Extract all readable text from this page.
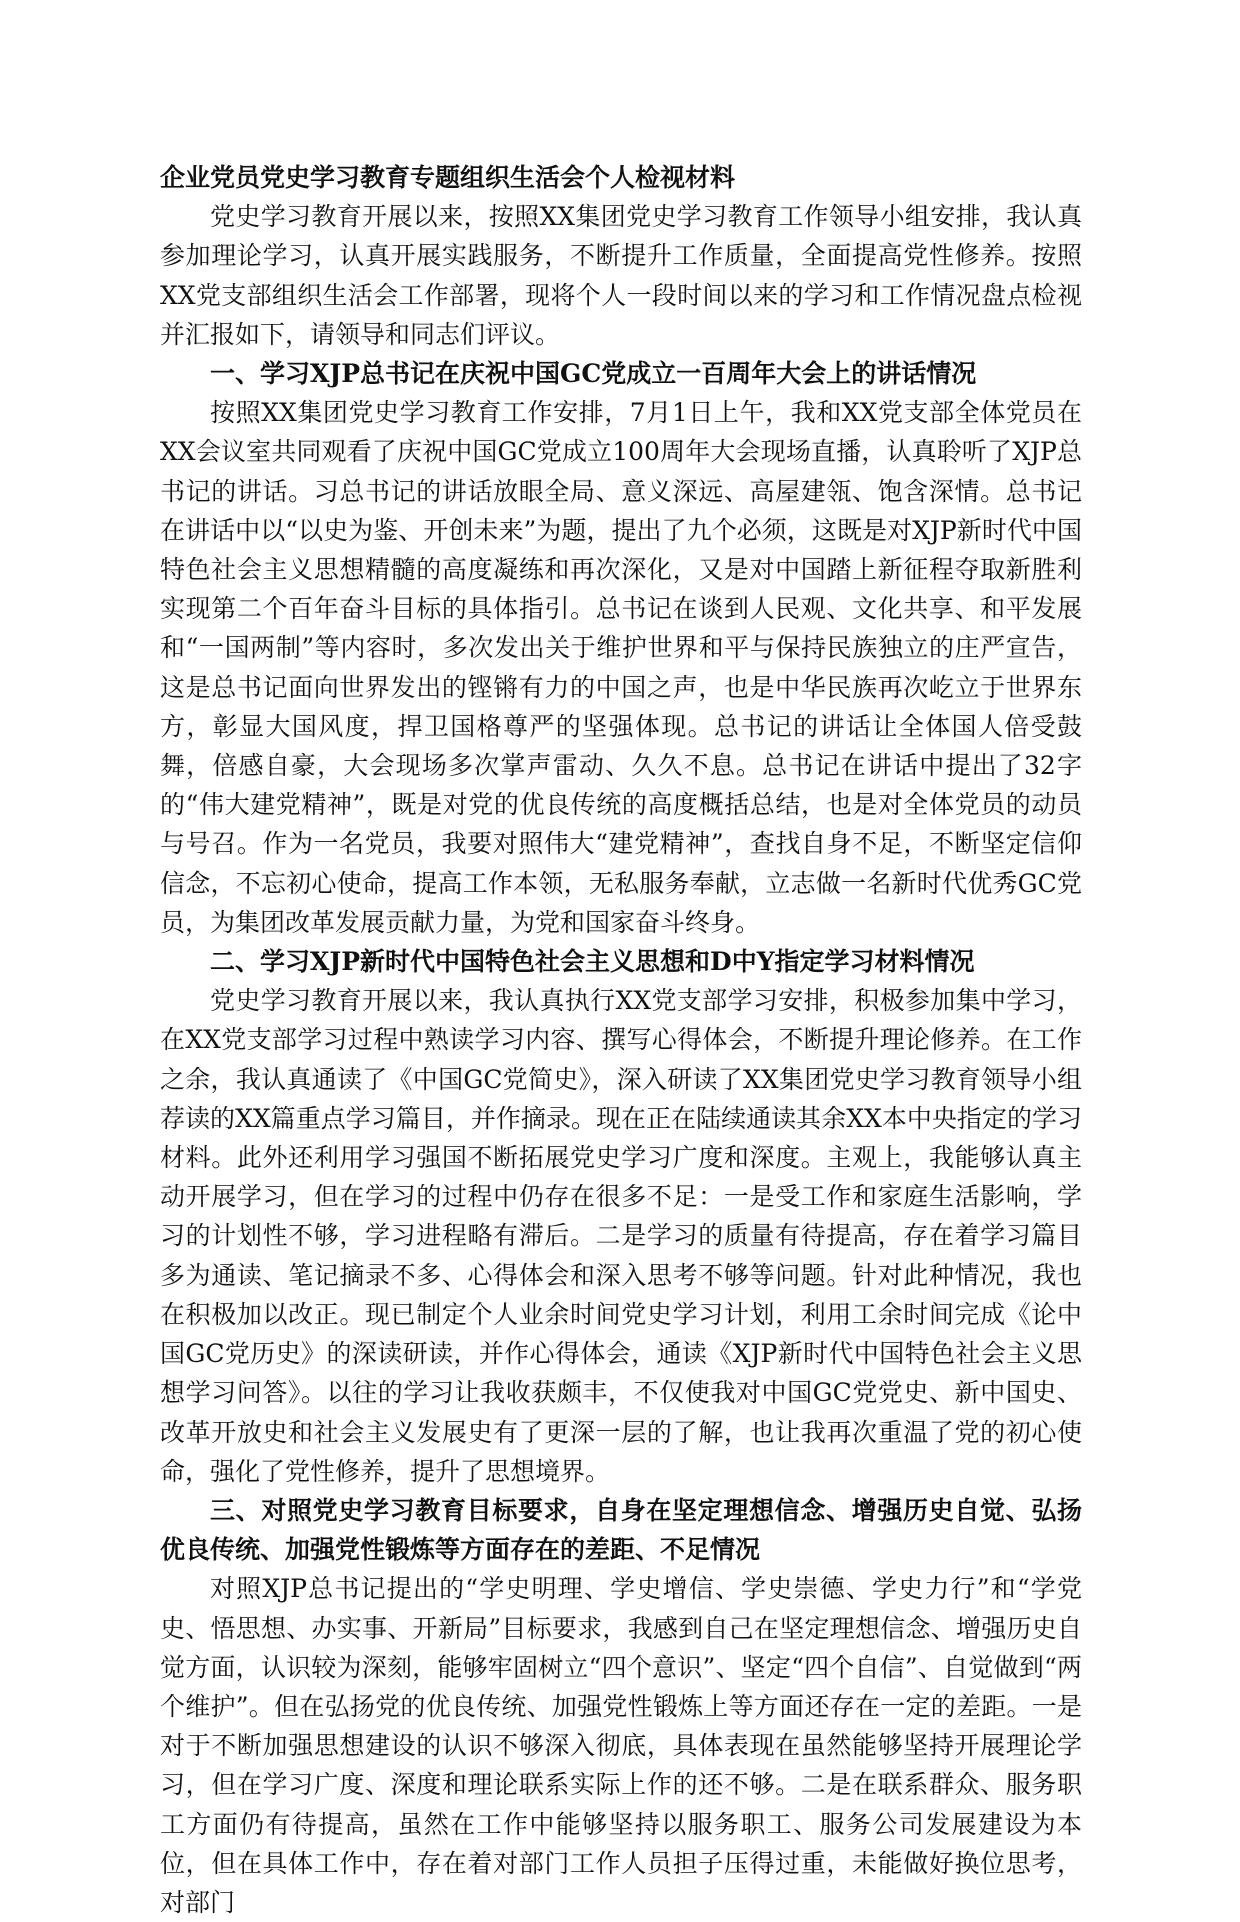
企业党员党史学习教育专题组织生活会个人检视材料

党史学习教育开展以来，按照XX集团党史学习教育工作领导小组安排，我认真参加理论学习，认真开展实践服务，不断提升工作质量，全面提高党性修养。按照XX党支部组织生活会工作部署，现将个人一段时间以来的学习和工作情况盘点检视并汇报如下，请领导和同志们评议。

一、学习XJP总书记在庆祝中国GC党成立一百周年大会上的讲话情况

按照XX集团党史学习教育工作安排，7月1日上午，我和XX党支部全体党员在XX会议室共同观看了庆祝中国GC党成立100周年大会现场直播，认真聆听了XJP总书记的讲话。习总书记的讲话放眼全局、意义深远、高屋建瓴、饱含深情。总书记在讲话中以“以史为鉴、开创未来”为题，提出了九个必须，这既是对XJP新时代中国特色社会主义思想精髓的高度凝练和再次深化，又是对中国踏上新征程夺取新胜利实现第二个百年奋斗目标的具体指引。总书记在谈到人民观、文化共享、和平发展和“一国两制”等内容时，多次发出关于维护世界和平与保持民族独立的庄严宣告，这是总书记面向世界发出的铿锵有力的中国之声，也是中华民族再次屹立于世界东方，彰显大国风度，捍卫国格尊严的坚强体现。总书记的讲话让全体国人倍受鼓舞，倍感自豪，大会现场多次掌声雷动、久久不息。总书记在讲话中提出了32字的“伟大建党精神”，既是对党的优良传统的高度概括总结，也是对全体党员的动员与号召。作为一名党员，我要对照伟大“建党精神”，查找自身不足，不断坚定信仰信念，不忘初心使命，提高工作本领，无私服务奉献，立志做一名新时代优秀GC党员，为集团改革发展贡献力量，为党和国家奋斗终身。

二、学习XJP新时代中国特色社会主义思想和D中Y指定学习材料情况

党史学习教育开展以来，我认真执行XX党支部学习安排，积极参加集中学习，在XX党支部学习过程中熟读学习内容、撰写心得体会，不断提升理论修养。在工作之余，我认真通读了《中国GC党简史》，深入研读了XX集团党史学习教育领导小组荐读的XX篇重点学习篇目，并作摘录。现在正在陆续通读其余XX本中央指定的学习材料。此外还利用学习强国不断拓展党史学习广度和深度。主观上，我能够认真主动开展学习，但在学习的过程中仍存在很多不足：一是受工作和家庭生活影响，学习的计划性不够，学习进程略有滞后。二是学习的质量有待提高，存在着学习篇目多为通读、笔记摘录不多、心得体会和深入思考不够等问题。针对此种情况，我也在积极加以改正。现已制定个人业余时间党史学习计划，利用工余时间完成《论中国GC党历史》的深读研读，并作心得体会，通读《XJP新时代中国特色社会主义思想学习问答》。以往的学习让我收获颇丰，不仅使我对中国GC党党史、新中国史、改革开放史和社会主义发展史有了更深一层的了解，也让我再次重温了党的初心使命，强化了党性修养，提升了思想境界。

三、对照党史学习教育目标要求，自身在坚定理想信念、增强历史自觉、弘扬优良传统、加强党性锻炼等方面存在的差距、不足情况

对照XJP总书记提出的“学史明理、学史增信、学史崇德、学史力行”和“学党史、悟思想、办实事、开新局”目标要求，我感到自己在坚定理想信念、增强历史自觉方面，认识较为深刻，能够牢固树立“四个意识”、坚定“四个自信”、自觉做到“两个维护”。但在弘扬党的优良传统、加强党性锻炼上等方面还存在一定的差距。一是对于不断加强思想建设的认识不够深入彻底，具体表现在虽然能够坚持开展理论学习，但在学习广度、深度和理论联系实际上作的还不够。二是在联系群众、服务职工方面仍有待提高，虽然在工作中能够坚持以服务职工、服务公司发展建设为本位，但在具体工作中，存在着对部门工作人员担子压得过重，未能做好换位思考，对部门
